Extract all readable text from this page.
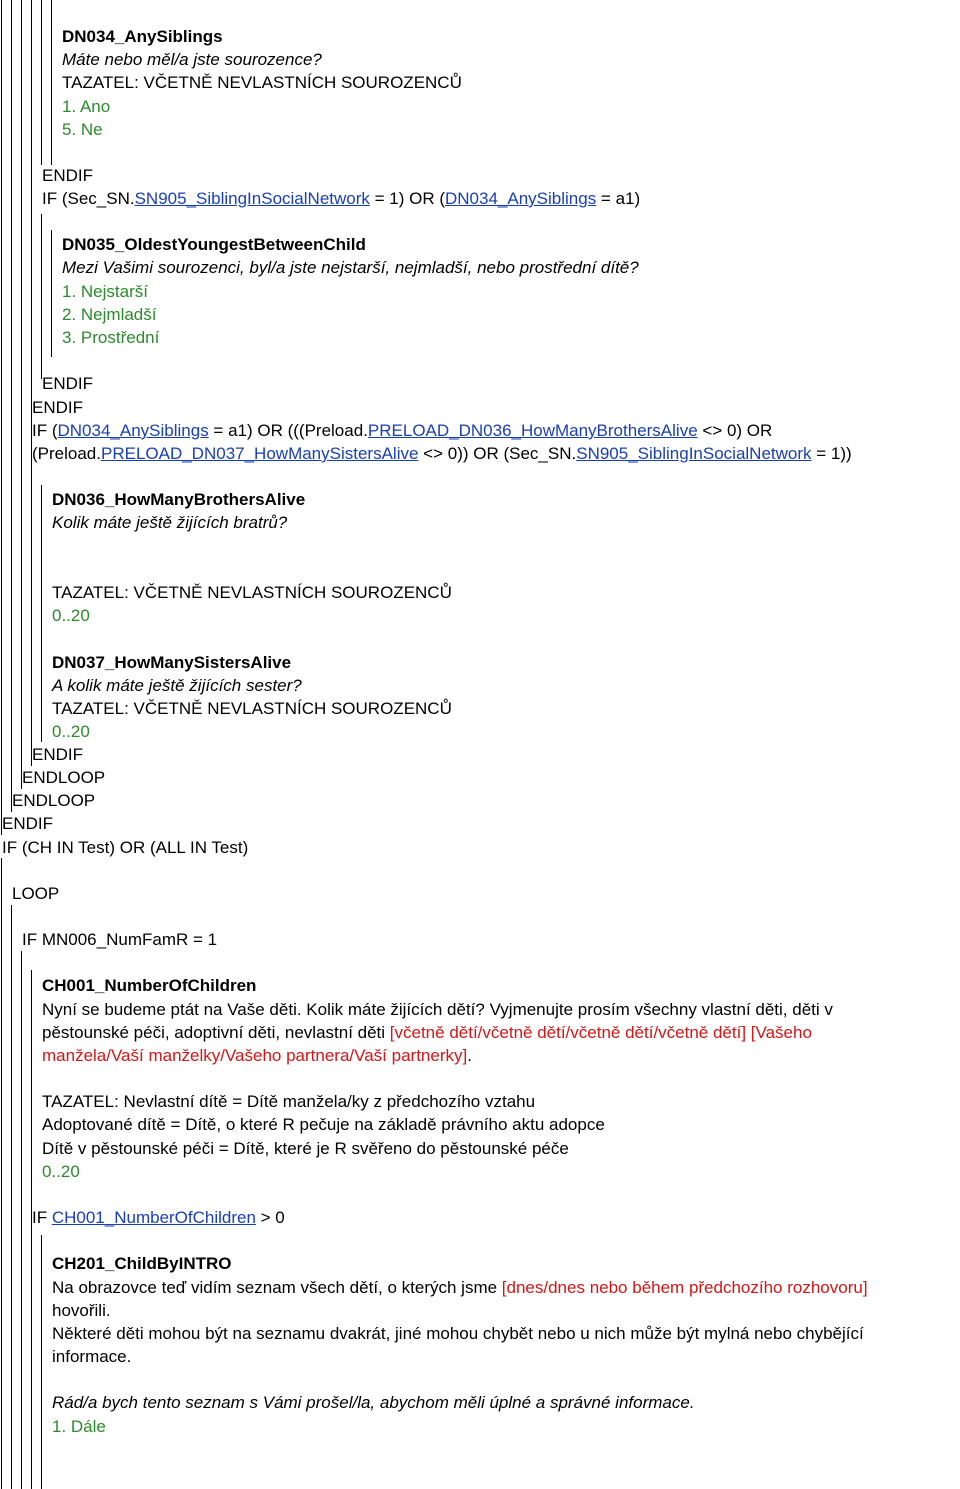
DN034_AnySiblings
Máte nebo měl/a jste sourozence?
TAZATEL: VČETNĚ NEVLASTNÍCH SOUROZENCŮ
1. Ano
5. Ne
ENDIF
IF (Sec_SN.SN905_SiblingInSocialNetwork = 1) OR (DN034_AnySiblings = a1)
DN035_OldestYoungestBetweenChild
Mezi Vašimi sourozenci, byl/a jste nejstarší, nejmladší, nebo prostřední dítě?
1. Nejstarší
2. Nejmladší
3. Prostřední
ENDIF
ENDIF
IF (DN034_AnySiblings = a1) OR (((Preload.PRELOAD_DN036_HowManyBrothersAlive <> 0) OR
(Preload.PRELOAD_DN037_HowManySistersAlive <> 0)) OR (Sec_SN.SN905_SiblingInSocialNetwork = 1))
DN036_HowManyBrothersAlive
Kolik máte ještě žijících bratrů?
TAZATEL: VČETNĚ NEVLASTNÍCH SOUROZENCŮ
0..20
DN037_HowManySistersAlive
A kolik máte ještě žijících sester?
TAZATEL: VČETNĚ NEVLASTNÍCH SOUROZENCŮ
0..20
ENDIF
ENDLOOP
ENDLOOP
ENDIF
IF (CH IN Test) OR (ALL IN Test)
LOOP
IF MN006_NumFamR = 1
CH001_NumberOfChildren
Nyní se budeme ptát na Vaše děti. Kolik máte žijících dětí? Vyjmenujte prosím všechny vlastní děti, děti v
pěstounské péči, adoptivní děti, nevlastní děti [včetně dětí/včetně dětí/včetně dětí/včetně dětí] [Vašeho
manžela/Vaší manželky/Vašeho partnera/Vaší partnerky].
TAZATEL: Nevlastní dítě = Dítě manžela/ky z předchozího vztahu
Adoptované dítě = Dítě, o které R pečuje na základě právního aktu adopce
Dítě v pěstounské péči = Dítě, které je R svěřeno do pěstounské péče
0..20
IF CH001_NumberOfChildren > 0
CH201_ChildByINTRO
Na obrazovce teď vidím seznam všech dětí, o kterých jsme [dnes/dnes nebo během předchozího rozhovoru]
hovořili.
Některé děti mohou být na seznamu dvakrát, jiné mohou chybět nebo u nich může být mylná nebo chybějící
informace.
Rád/a bych tento seznam s Vámi prošel/la, abychom měli úplné a správné informace.
1. Dále
